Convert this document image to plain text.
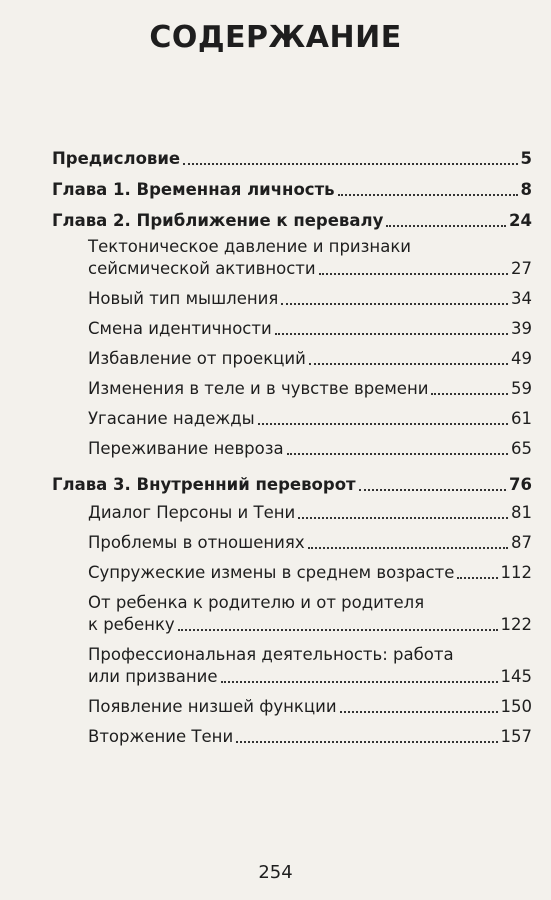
СОДЕРЖАНИЕ
Предисловие	5
Глава 1. Временная личность	8
Глава 2. Приближение к перевалу	24
Тектоническое давление и признаки
сейсмической активности	27
Новый тип мышления	34
Смена идентичности	39
Избавление от проекций	49
Изменения в теле и в чувстве времени	59
Угасание надежды	61
Переживание невроза	65
Глава 3. Внутренний переворот	76
Диалог Персоны и Тени	81
Проблемы в отношениях	87
Супружеские измены в среднем возрасте	112
От ребенка к родителю и от родителя
к ребенку	122
Профессиональная деятельность: работа
или призвание	145
Появление низшей функции	150
Вторжение Тени	157
254
